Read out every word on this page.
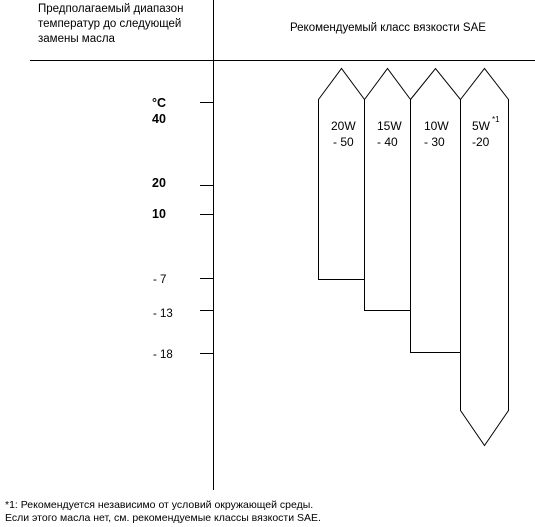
Предполагаемый диапазон
температур до следующей
замены масла
Рекомендуемый класс вязкости SAE
°C
40
20
10
- 7
- 13
- 18
20W
- 50
15W
- 40
10W
- 30
5W *1
-20
*1: Рекомендуется независимо от условий окружающей среды.
Если этого масла нет, см. рекомендуемые классы вязкости SAE.
